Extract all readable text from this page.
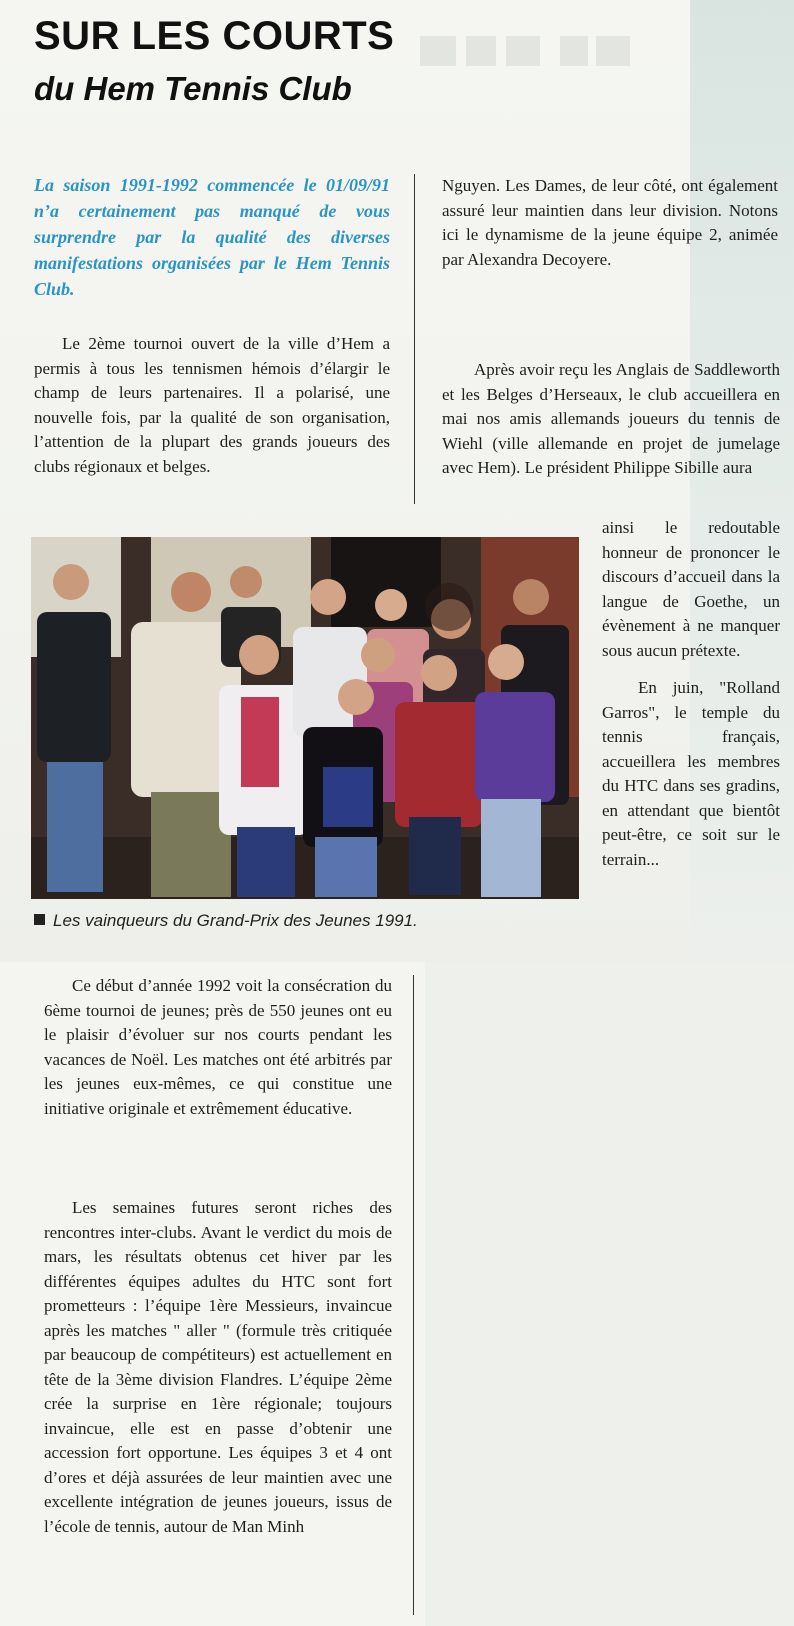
SUR LES COURTS
du Hem Tennis Club

La saison 1991-1992 commencée le 01/09/91 n’a certainement pas manqué de vous surprendre par la qualité des diverses manifestations organisées par le Hem Tennis Club.

Le 2ème tournoi ouvert de la ville d’Hem a permis à tous les tennismen hémois d’élargir le champ de leurs partenaires. Il a polarisé, une nouvelle fois, par la qualité de son organisation, l’attention de la plupart des grands joueurs des clubs régionaux et belges.

Nguyen. Les Dames, de leur côté, ont également assuré leur maintien dans leur division. Notons ici le dynamisme de la jeune équipe 2, animée par Alexandra Decoyere.

Après avoir reçu les Anglais de Saddleworth et les Belges d’Herseaux, le club accueillera en mai nos amis allemands joueurs du tennis de Wiehl (ville allemande en projet de jumelage avec Hem). Le président Philippe Sibille aura

ainsi le redoutable honneur de prononcer le discours d’accueil dans la langue de Goethe, un évènement à ne manquer sous aucun prétexte.

En juin, "Rolland Garros", le temple du tennis français, accueillera les membres du HTC dans ses gradins, en attendant que bientôt peut-être, ce soit sur le terrain...

Les vainqueurs du Grand-Prix des Jeunes 1991.

Ce début d’année 1992 voit la consécration du 6ème tournoi de jeunes; près de 550 jeunes ont eu le plaisir d’évoluer sur nos courts pendant les vacances de Noël. Les matches ont été arbitrés par les jeunes eux-mêmes, ce qui constitue une initiative originale et extrêmement éducative.

Les semaines futures seront riches des rencontres inter-clubs. Avant le verdict du mois de mars, les résultats obtenus cet hiver par les différentes équipes adultes du HTC sont fort prometteurs : l’équipe 1ère Messieurs, invaincue après les matches " aller " (formule très critiquée par beaucoup de compétiteurs) est actuellement en tête de la 3ème division Flandres. L’équipe 2ème crée la surprise en 1ère régionale; toujours invaincue, elle est en passe d’obtenir une accession fort opportune. Les équipes 3 et 4 ont d’ores et déjà assurées de leur maintien avec une excellente intégration de jeunes joueurs, issus de l’école de tennis, autour de Man Minh
